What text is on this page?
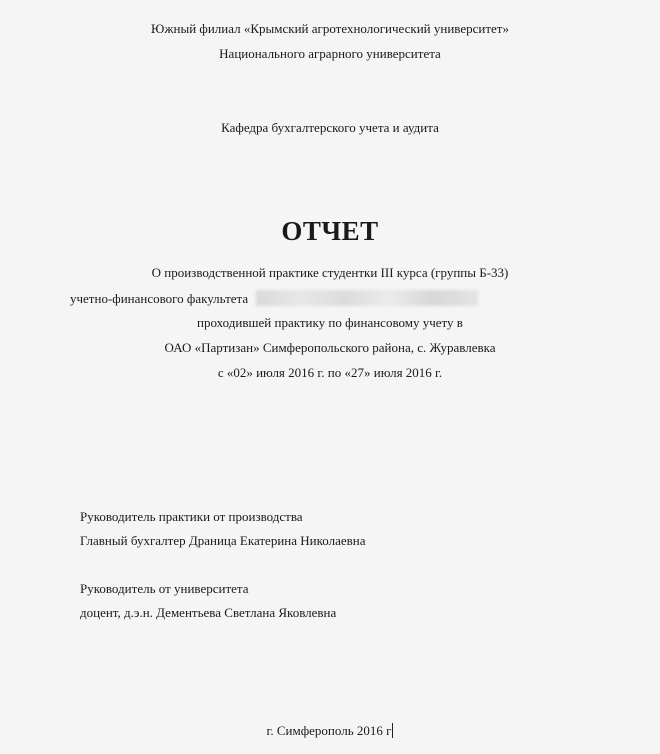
Южный филиал «Крымский агротехнологический университет»
Национального аграрного университета
Кафедра бухгалтерского учета и аудита
ОТЧЕТ
О производственной практике студентки III курса (группы Б-33)
учетно-финансового факультета
проходившей практику по финансовому учету в
ОАО «Партизан» Симферопольского района, с. Журавлевка
с «02» июля 2016 г. по «27» июля 2016 г.
Руководитель практики от производства
Главный бухгалтер Драница Екатерина Николаевна
Руководитель от университета
доцент, д.э.н. Дементьева Светлана Яковлевна
г. Симферополь 2016 г
